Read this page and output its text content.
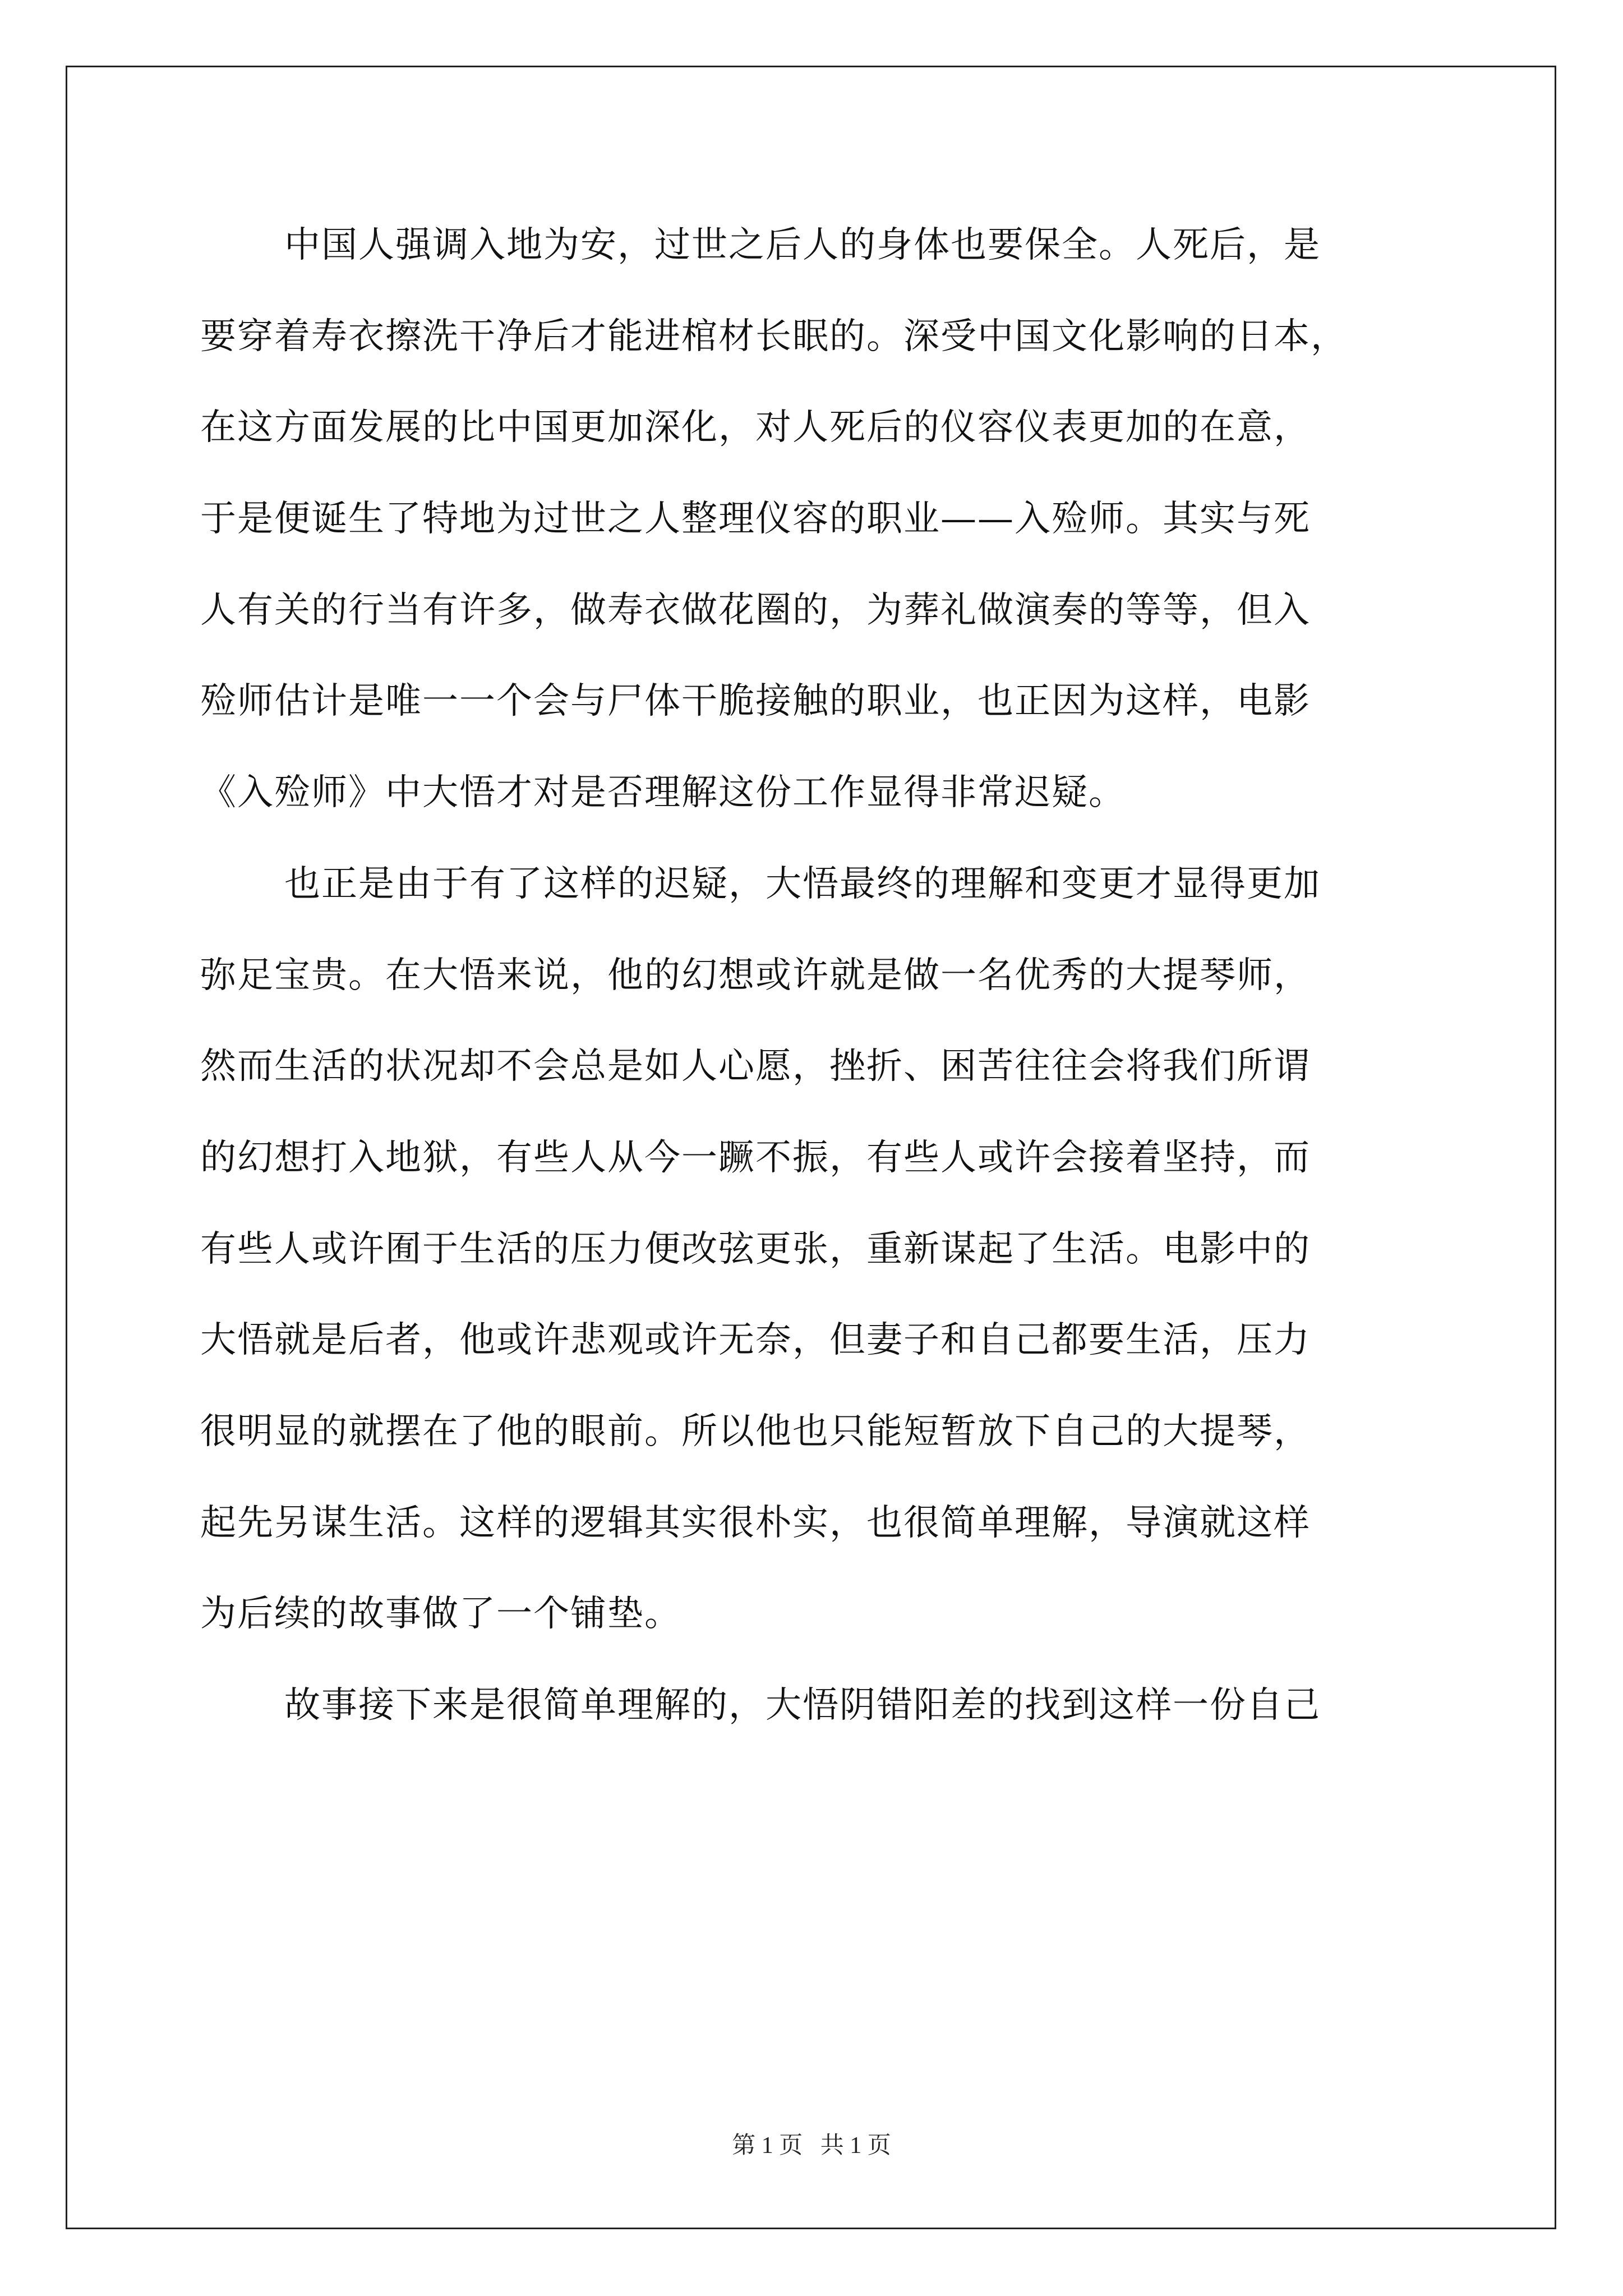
中国人强调入地为安，过世之后人的身体也要保全。人死后，是
要穿着寿衣擦洗干净后才能进棺材长眠的。深受中国文化影响的日本，
在这方面发展的比中国更加深化，对人死后的仪容仪表更加的在意，
于是便诞生了特地为过世之人整理仪容的职业——入殓师。其实与死
人有关的行当有许多，做寿衣做花圈的，为葬礼做演奏的等等，但入
殓师估计是唯一一个会与尸体干脆接触的职业，也正因为这样，电影
《入殓师》中大悟才对是否理解这份工作显得非常迟疑。
也正是由于有了这样的迟疑，大悟最终的理解和变更才显得更加
弥足宝贵。在大悟来说，他的幻想或许就是做一名优秀的大提琴师，
然而生活的状况却不会总是如人心愿，挫折、困苦往往会将我们所谓
的幻想打入地狱，有些人从今一蹶不振，有些人或许会接着坚持，而
有些人或许囿于生活的压力便改弦更张，重新谋起了生活。电影中的
大悟就是后者，他或许悲观或许无奈，但妻子和自己都要生活，压力
很明显的就摆在了他的眼前。所以他也只能短暂放下自己的大提琴，
起先另谋生活。这样的逻辑其实很朴实，也很简单理解，导演就这样
为后续的故事做了一个铺垫。
故事接下来是很简单理解的，大悟阴错阳差的找到这样一份自己
第 1 页   共 1 页
